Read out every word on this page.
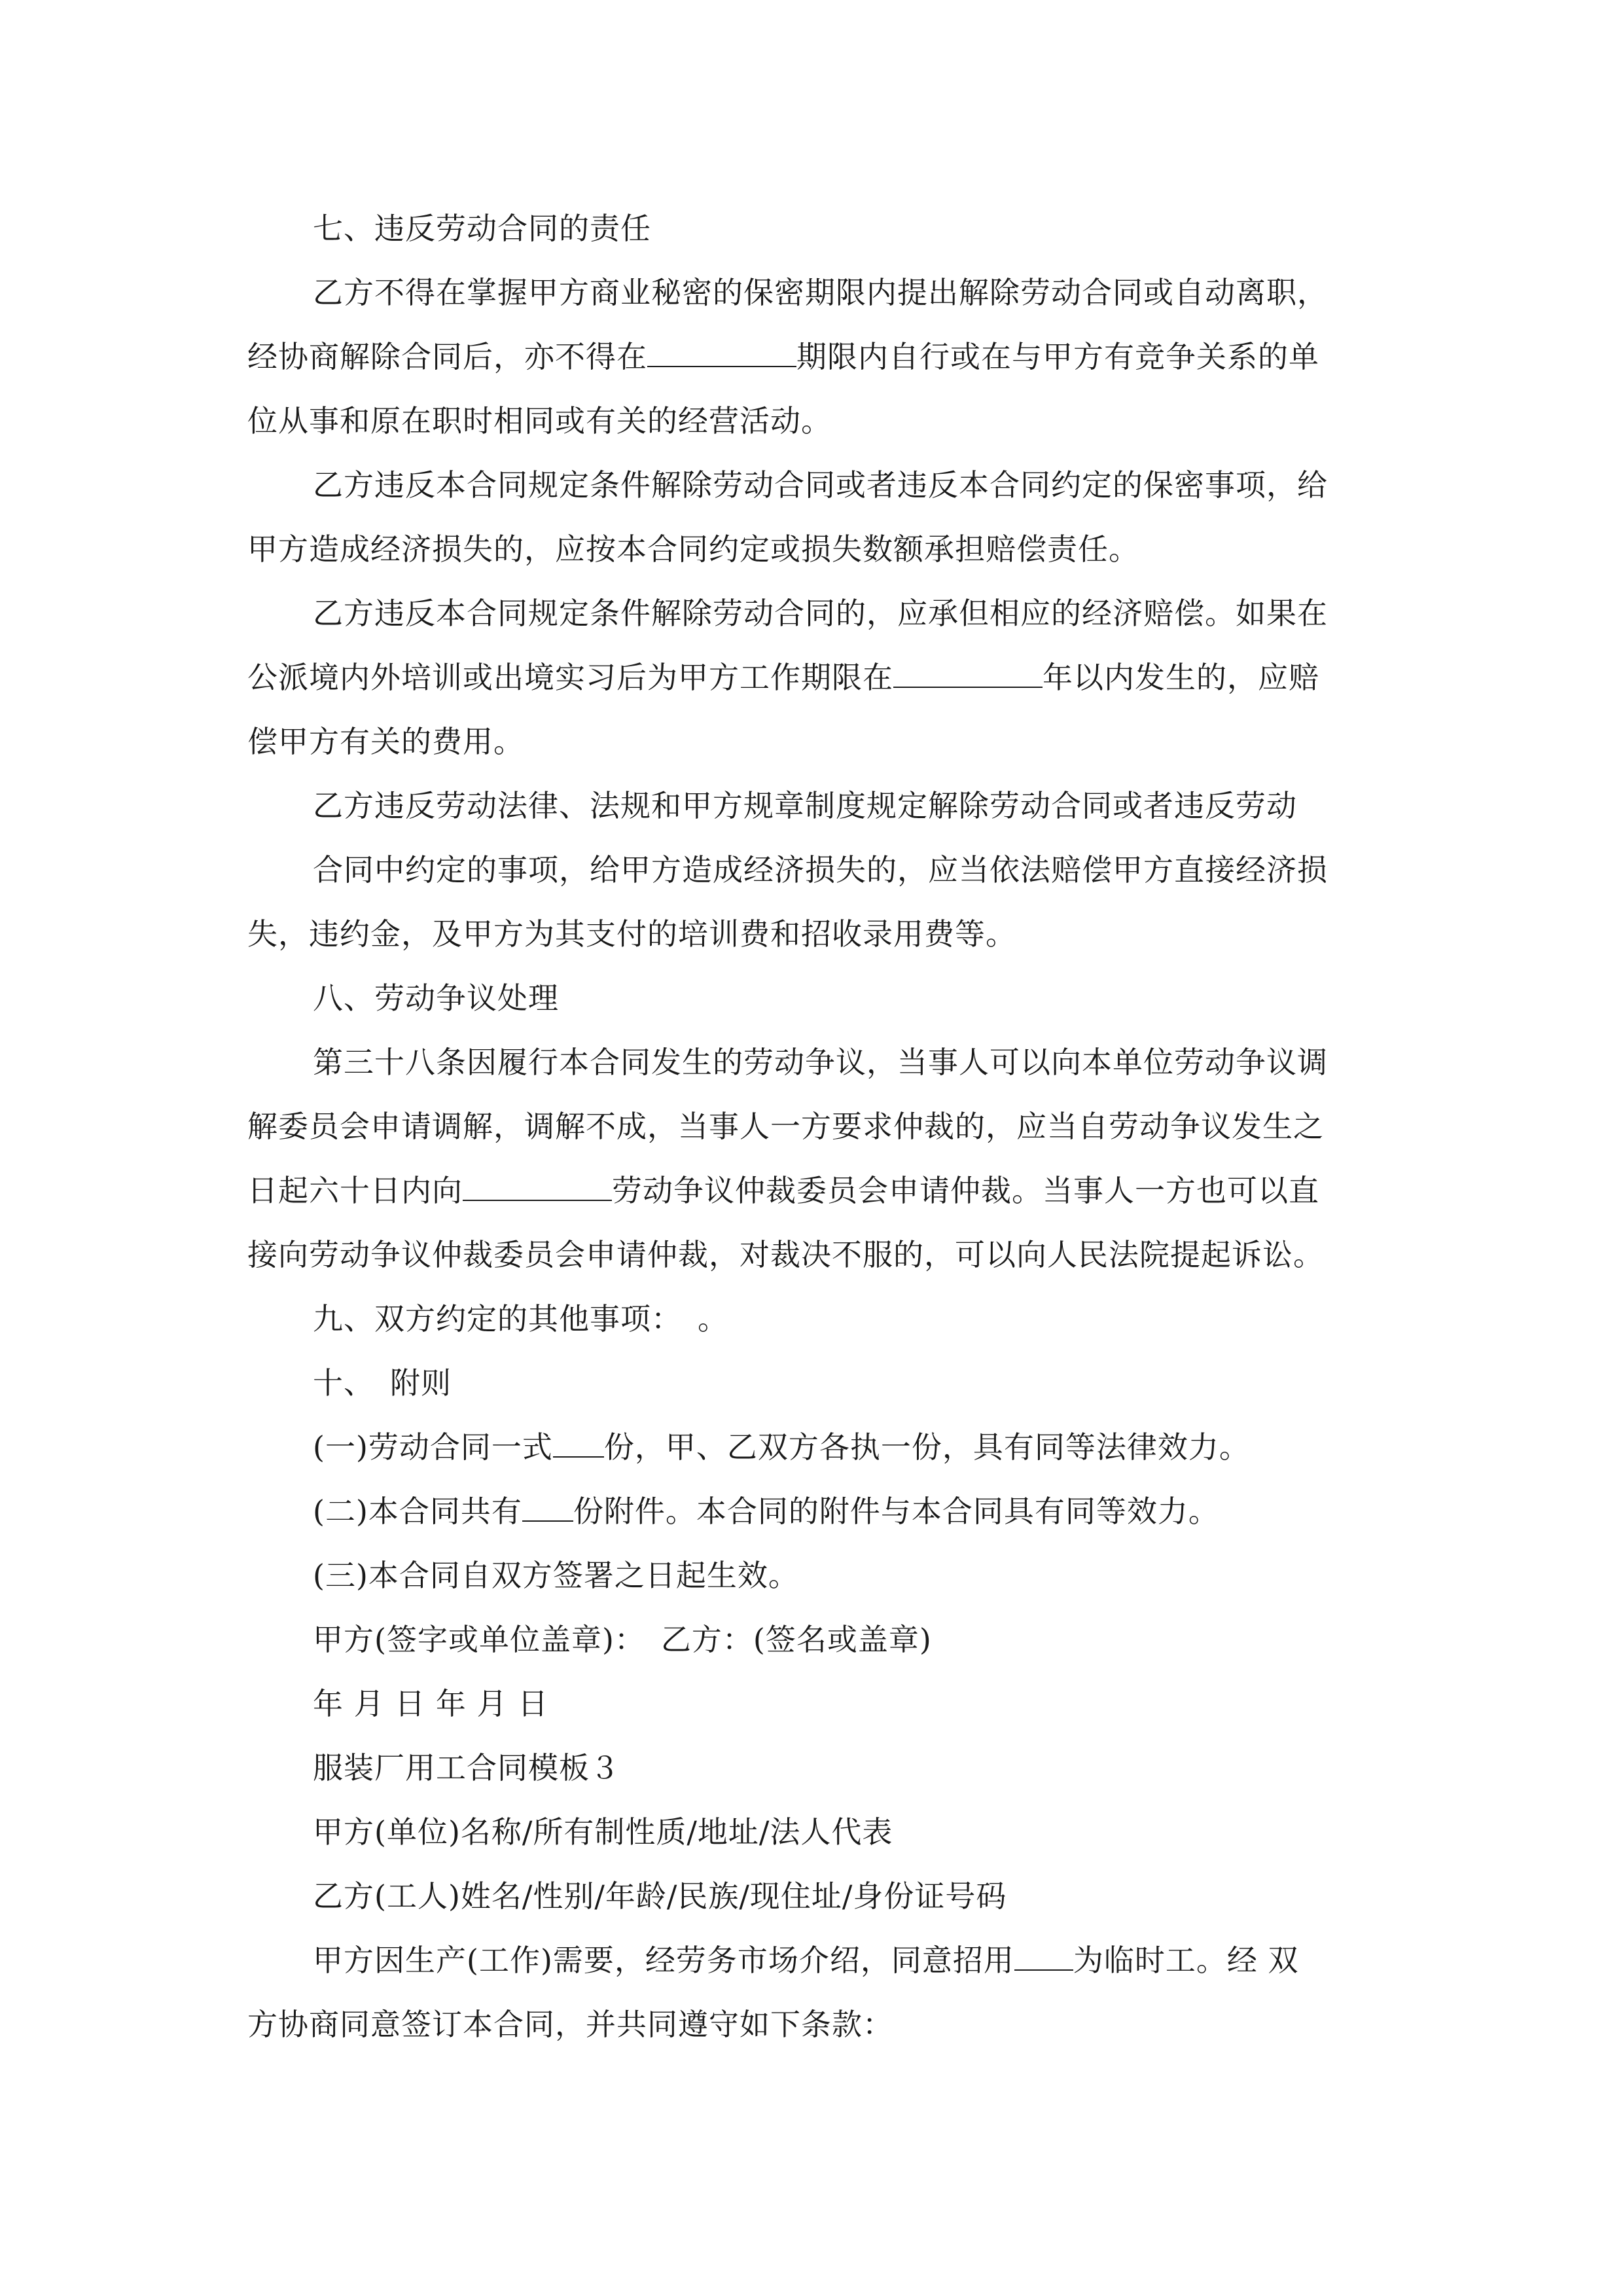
七、违反劳动合同的责任
乙方不得在掌握甲方商业秘密的保密期限内提出解除劳动合同或自动离职，
经协商解除合同后，亦不得在	期限内自行或在与甲方有竞争关系的单
位从事和原在职时相同或有关的经营活动。
乙方违反本合同规定条件解除劳动合同或者违反本合同约定的保密事项，给
甲方造成经济损失的，应按本合同约定或损失数额承担赔偿责任。
乙方违反本合同规定条件解除劳动合同的，应承但相应的经济赔偿。如果在
公派境内外培训或出境实习后为甲方工作期限在	年以内发生的，应赔
偿甲方有关的费用。
乙方违反劳动法律、法规和甲方规章制度规定解除劳动合同或者违反劳动
合同中约定的事项，给甲方造成经济损失的，应当依法赔偿甲方直接经济损
失，违约金，及甲方为其支付的培训费和招收录用费等。
八、劳动争议处理
第三十八条因履行本合同发生的劳动争议，当事人可以向本单位劳动争议调
解委员会申请调解，调解不成，当事人一方要求仲裁的，应当自劳动争议发生之
日起六十日内向	劳动争议仲裁委员会申请仲裁。当事人一方也可以直
接向劳动争议仲裁委员会申请仲裁，对裁决不服的，可以向人民法院提起诉讼。
九、双方约定的其他事项：　。
十、　附则
(一)劳动合同一式 份，甲、乙双方各执一份，具有同等法律效力。
(二)本合同共有 份附件。本合同的附件与本合同具有同等效力。
(三)本合同自双方签署之日起生效。
甲方(签字或单位盖章)：　乙方：(签名或盖章)
年 月 日 年 月 日
服装厂用工合同模板３
甲方(单位)名称/所有制性质/地址/法人代表
乙方(工人)姓名/性别/年龄/民族/现住址/身份证号码
甲方因生产(工作)需要，经劳务市场介绍，同意招用 为临时工。经 双
方协商同意签订本合同，并共同遵守如下条款：
